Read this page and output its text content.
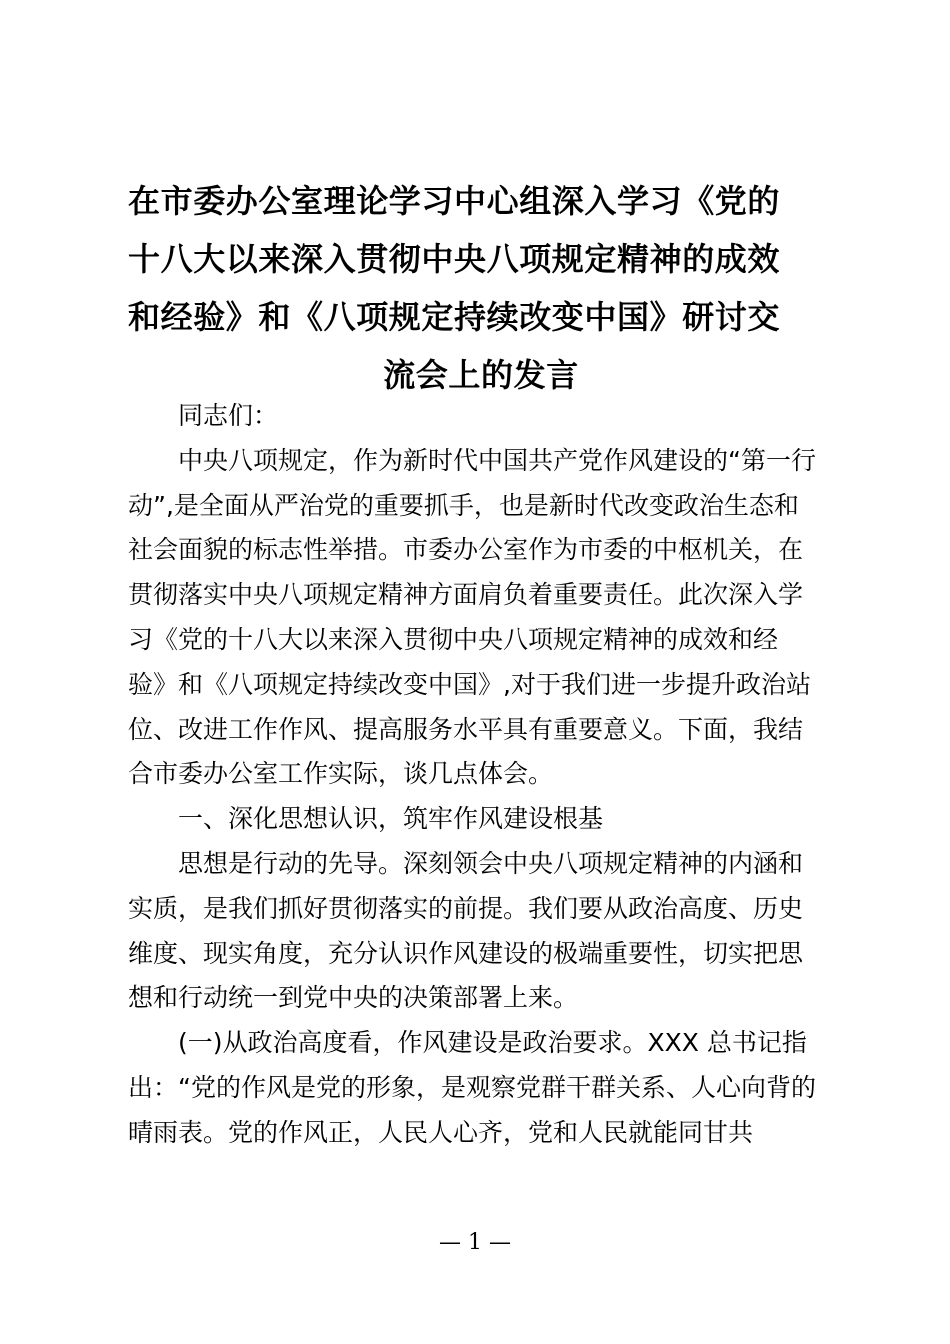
在市委办公室理论学习中心组深入学习《党的
十八大以来深入贯彻中央八项规定精神的成效
和经验》和《八项规定持续改变中国》研讨交
流会上的发言
同志们：
中央八项规定，作为新时代中国共产党作风建设的“第一行
动”,是全面从严治党的重要抓手，也是新时代改变政治生态和
社会面貌的标志性举措。市委办公室作为市委的中枢机关，在
贯彻落实中央八项规定精神方面肩负着重要责任。此次深入学
习《党的十八大以来深入贯彻中央八项规定精神的成效和经
验》和《八项规定持续改变中国》,对于我们进一步提升政治站
位、改进工作作风、提高服务水平具有重要意义。下面，我结
合市委办公室工作实际，谈几点体会。
一、深化思想认识，筑牢作风建设根基
思想是行动的先导。深刻领会中央八项规定精神的内涵和
实质，是我们抓好贯彻落实的前提。我们要从政治高度、历史
维度、现实角度，充分认识作风建设的极端重要性，切实把思
想和行动统一到党中央的决策部署上来。
(一)从政治高度看，作风建设是政治要求。XXX 总书记指
出：“党的作风是党的形象，是观察党群干群关系、人心向背的
晴雨表。党的作风正，人民人心齐，党和人民就能同甘共
— 1 —
